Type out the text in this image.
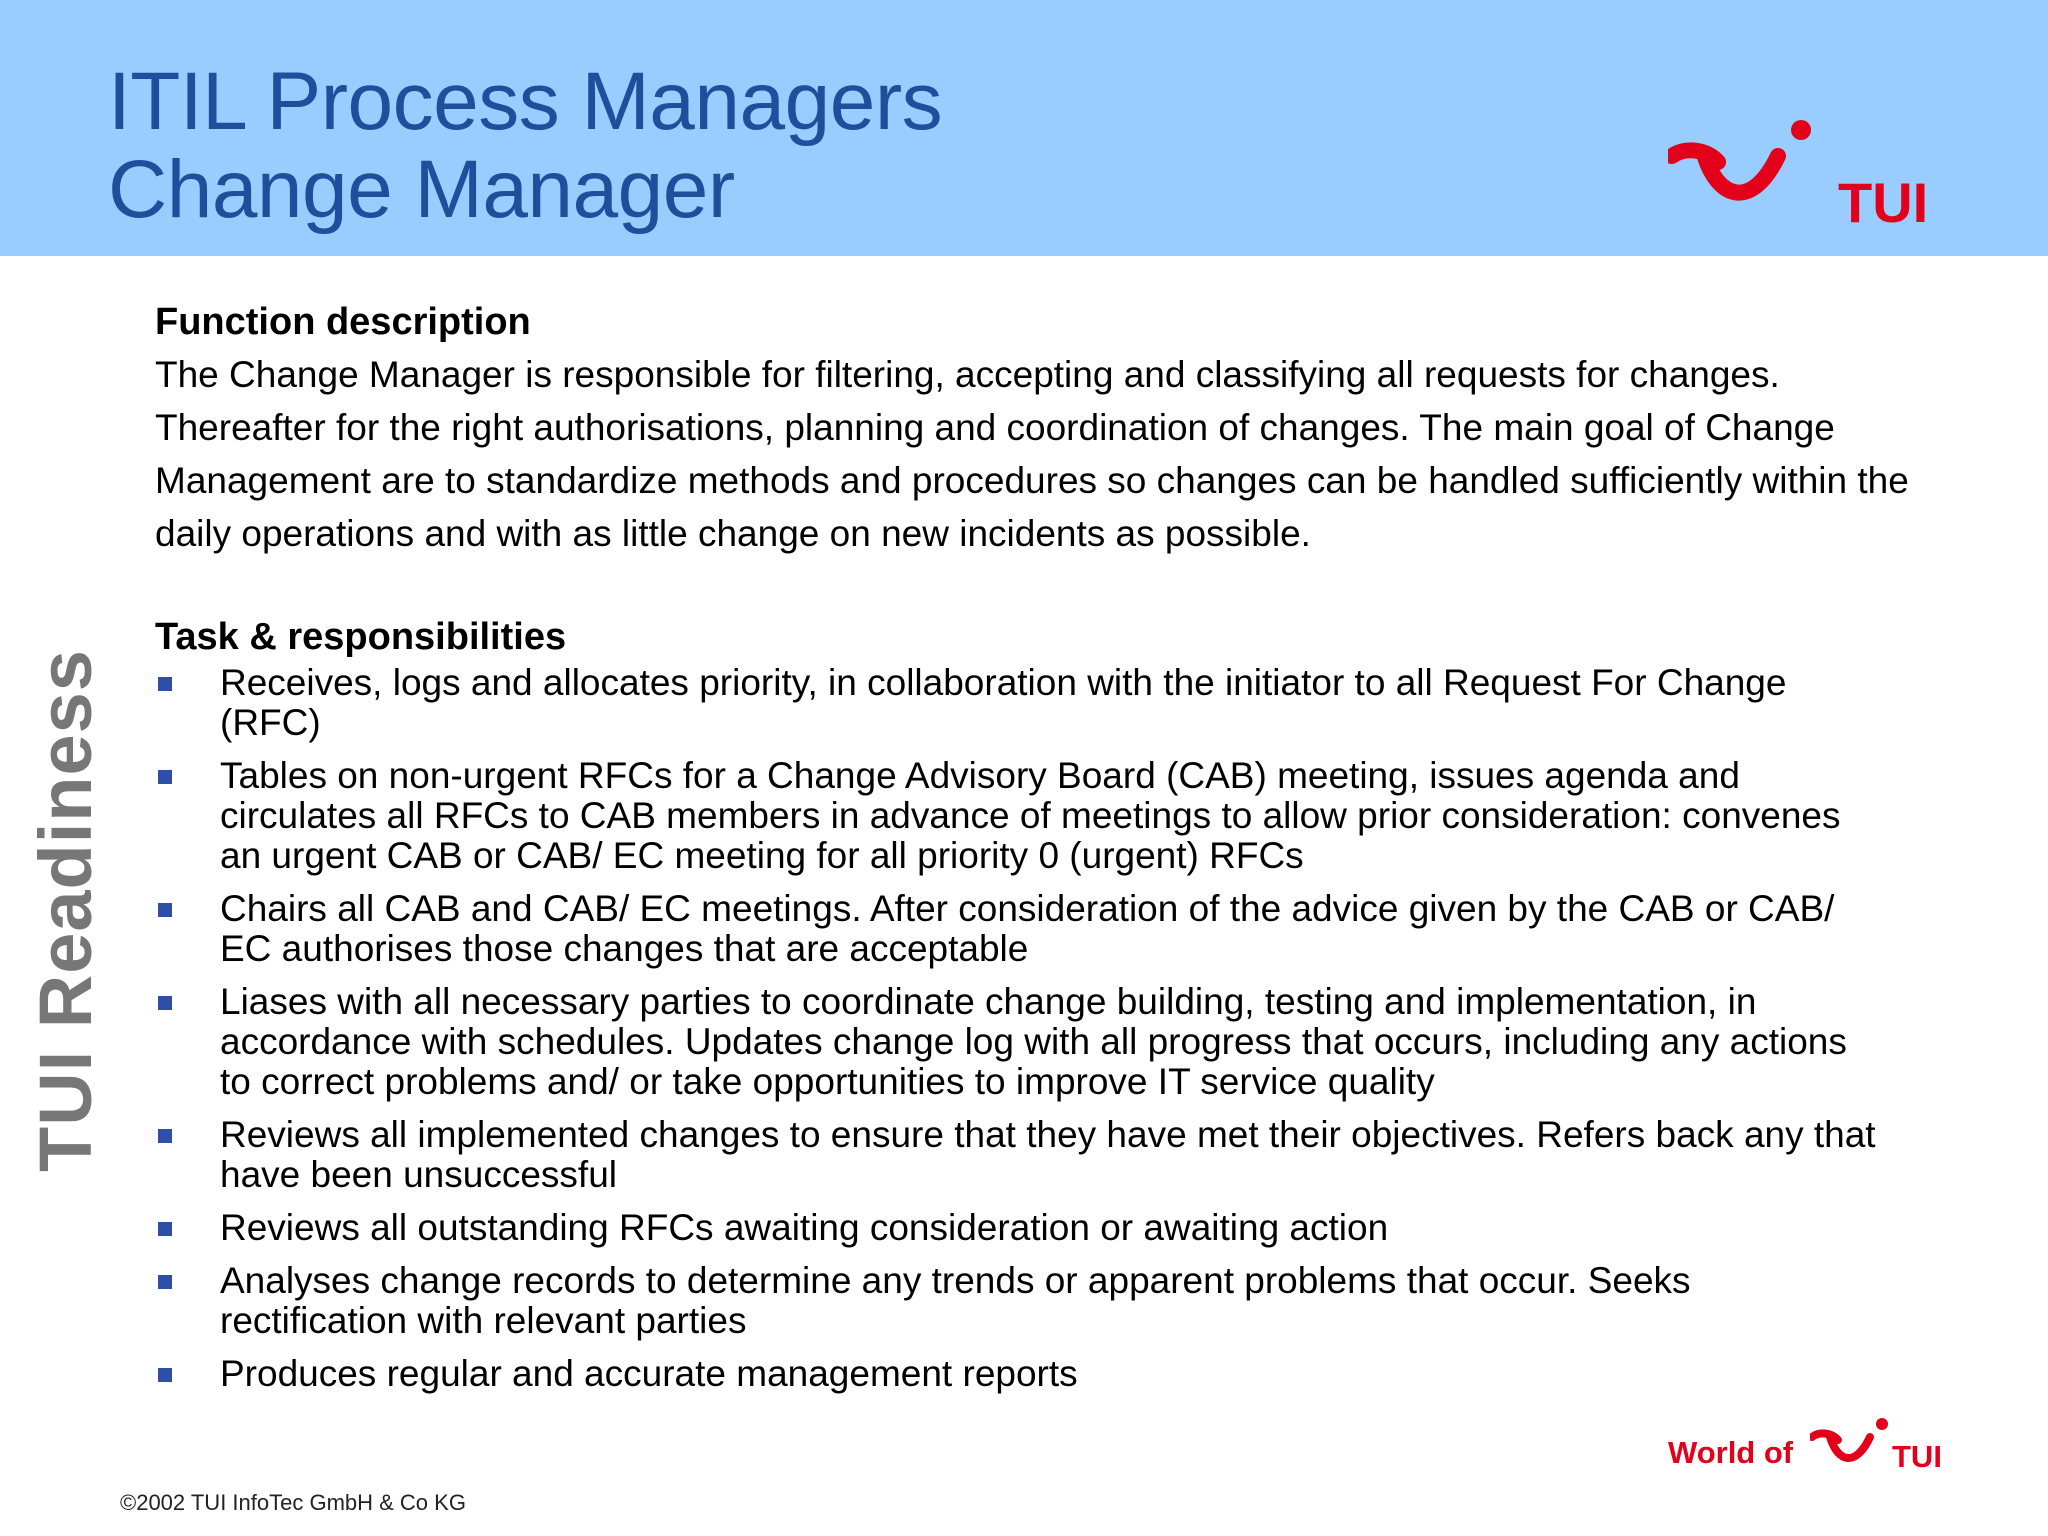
ITIL Process Managers
Change Manager	TUI
TUI Readiness
Function description

The Change Manager is responsible for filtering, accepting and classifying all requests for changes. Thereafter for the right authorisations, planning and coordination of changes. The main goal of Change Management are to standardize methods and procedures so changes can be handled sufficiently within the daily operations and with as little change on new incidents as possible.

Task & responsibilities
Receives, logs and allocates priority, in collaboration with the initiator to all Request For Change (RFC)
Tables on non-urgent RFCs for a Change Advisory Board (CAB) meeting, issues agenda and circulates all RFCs to CAB members in advance of meetings to allow prior consideration: convenes an urgent CAB or CAB/ EC meeting for all priority 0 (urgent) RFCs
Chairs all CAB and CAB/ EC meetings. After consideration of the advice given by the CAB or CAB/ EC authorises those changes that are acceptable
Liases with all necessary parties to coordinate change building, testing and implementation, in accordance with schedules. Updates change log with all progress that occurs, including any actions to correct problems and/ or take opportunities to improve IT service quality
Reviews all implemented changes to ensure that they have met their objectives. Refers back any that have been unsuccessful
Reviews all outstanding RFCs awaiting consideration or awaiting action
Analyses change records to determine any trends or apparent problems that occur. Seeks rectification with relevant parties
Produces regular and accurate management reports
World of	TUI
©2002 TUI InfoTec GmbH & Co KG
